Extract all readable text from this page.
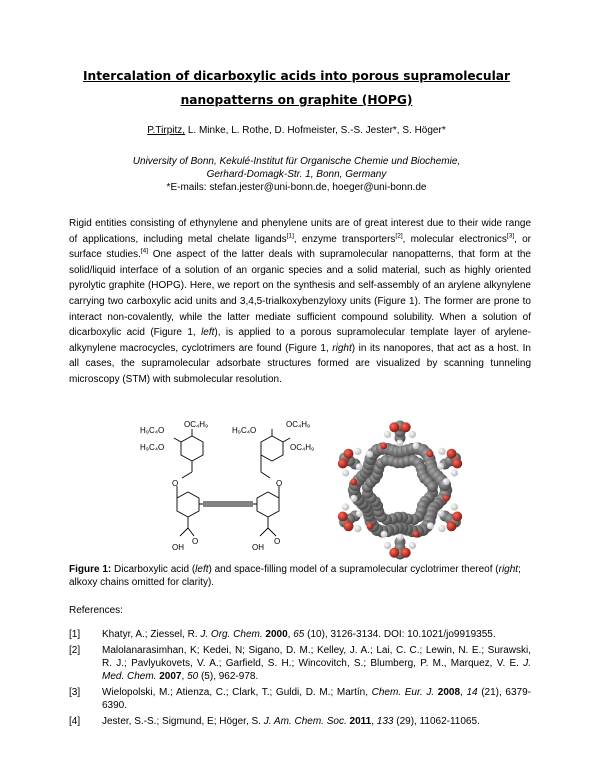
Intercalation of dicarboxylic acids into porous supramolecular nanopatterns on graphite (HOPG)
P.Tirpitz, L. Minke, L. Rothe, D. Hofmeister, S.-S. Jester*, S. Höger*
University of Bonn, Kekulé-Institut für Organische Chemie und Biochemie,
Gerhard-Domagk-Str. 1, Bonn, Germany
*E-mails: stefan.jester@uni-bonn.de, hoeger@uni-bonn.de

Rigid entities consisting of ethynylene and phenylene units are of great interest due to their wide range of applications, including metal chelate ligands[1], enzyme transporters[2], molecular electronics[3], or surface studies.[4] One aspect of the latter deals with supramolecular nanopatterns, that form at the solid/liquid interface of a solution of an organic species and a solid material, such as highly oriented pyrolytic graphite (HOPG). Here, we report on the synthesis and self-assembly of an arylene alkynylene carrying two carboxylic acid units and 3,4,5-trialkoxybenzyloxy units (Figure 1). The former are prone to interact non-covalently, while the latter mediate sufficient compound solubility. When a solution of dicarboxylic acid (Figure 1, left), is applied to a porous supramolecular template layer of arylene-alkynylene macrocycles, cyclotrimers are found (Figure 1, right) in its nanopores, that act as a host. In all cases, the supramolecular adsorbate structures formed are visualized by scanning tunneling microscopy (STM) with submolecular resolution.

H₉C₄O
OC₄H₉
H₉C₄O
H₉C₄O
OC₄H₉
OC₄H₉
O	O
O	O
OH	OH

Figure 1: Dicarboxylic acid (left) and space-filling model of a supramolecular cyclotrimer thereof (right; alkoxy chains omitted for clarity).

References:
[1] Khatyr, A.; Ziessel, R. J. Org. Chem. 2000, 65 (10), 3126-3134. DOI: 10.1021/jo9919355.
[2] Malolanarasimhan, K; Kedei, N; Sigano, D. M.; Kelley, J. A.; Lai, C. C.; Lewin, N. E.; Surawski, R. J.; Pavlyukovets, V. A.; Garfield, S. H.; Wincovitch, S.; Blumberg, P. M., Marquez, V. E. J. Med. Chem. 2007, 50 (5), 962-978.
[3] Wielopolski, M.; Atienza, C.; Clark, T.; Guldi, D. M.; Martín, Chem. Eur. J. 2008, 14 (21), 6379-6390.
[4] Jester, S.-S.; Sigmund, E; Höger, S. J. Am. Chem. Soc. 2011, 133 (29), 11062-11065.
